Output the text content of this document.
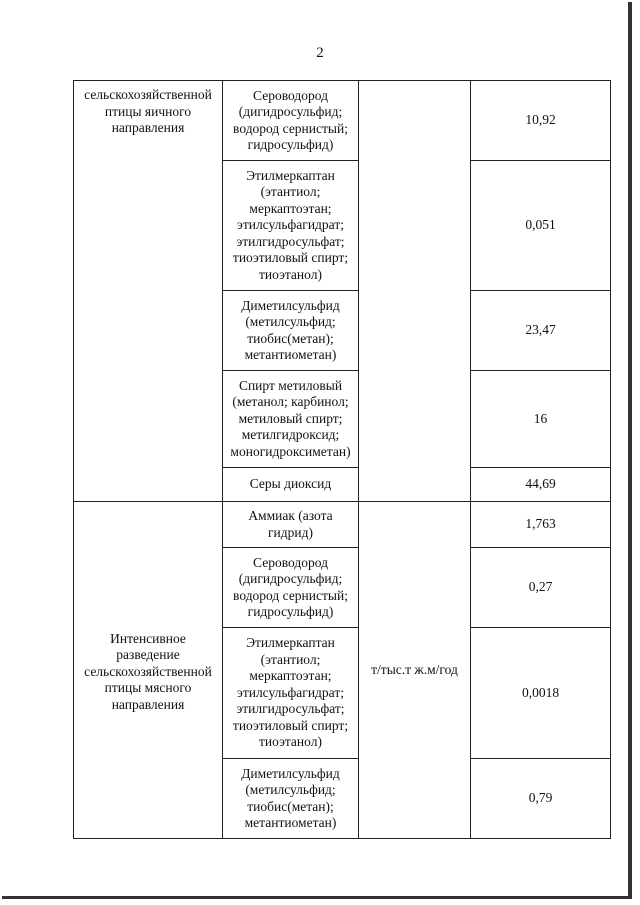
2
сельскохозяйственной птицы яичного направления	Сероводород (дигидросульфид; водород сернистый; гидросульфид)		10,92
	Этилмеркаптан (этантиол; меркаптоэтан; этилсульфагидрат; этилгидросульфат; тиоэтиловый спирт; тиоэтанол)		0,051
	Диметилсульфид (метилсульфид; тиобис(метан); метантиометан)		23,47
	Спирт метиловый (метанол; карбинол; метиловый спирт; метилгидроксид; моногидроксиметан)		16
	Серы диоксид		44,69
Интенсивное разведение сельскохозяйственной птицы мясного направления	Аммиак (азота гидрид)	т/тыс.т ж.м/год	1,763
	Сероводород (дигидросульфид; водород сернистый; гидросульфид)		0,27
	Этилмеркаптан (этантиол; меркаптоэтан; этилсульфагидрат; этилгидросульфат; тиоэтиловый спирт; тиоэтанол)		0,0018
	Диметилсульфид (метилсульфид; тиобис(метан); метантиометан)		0,79
